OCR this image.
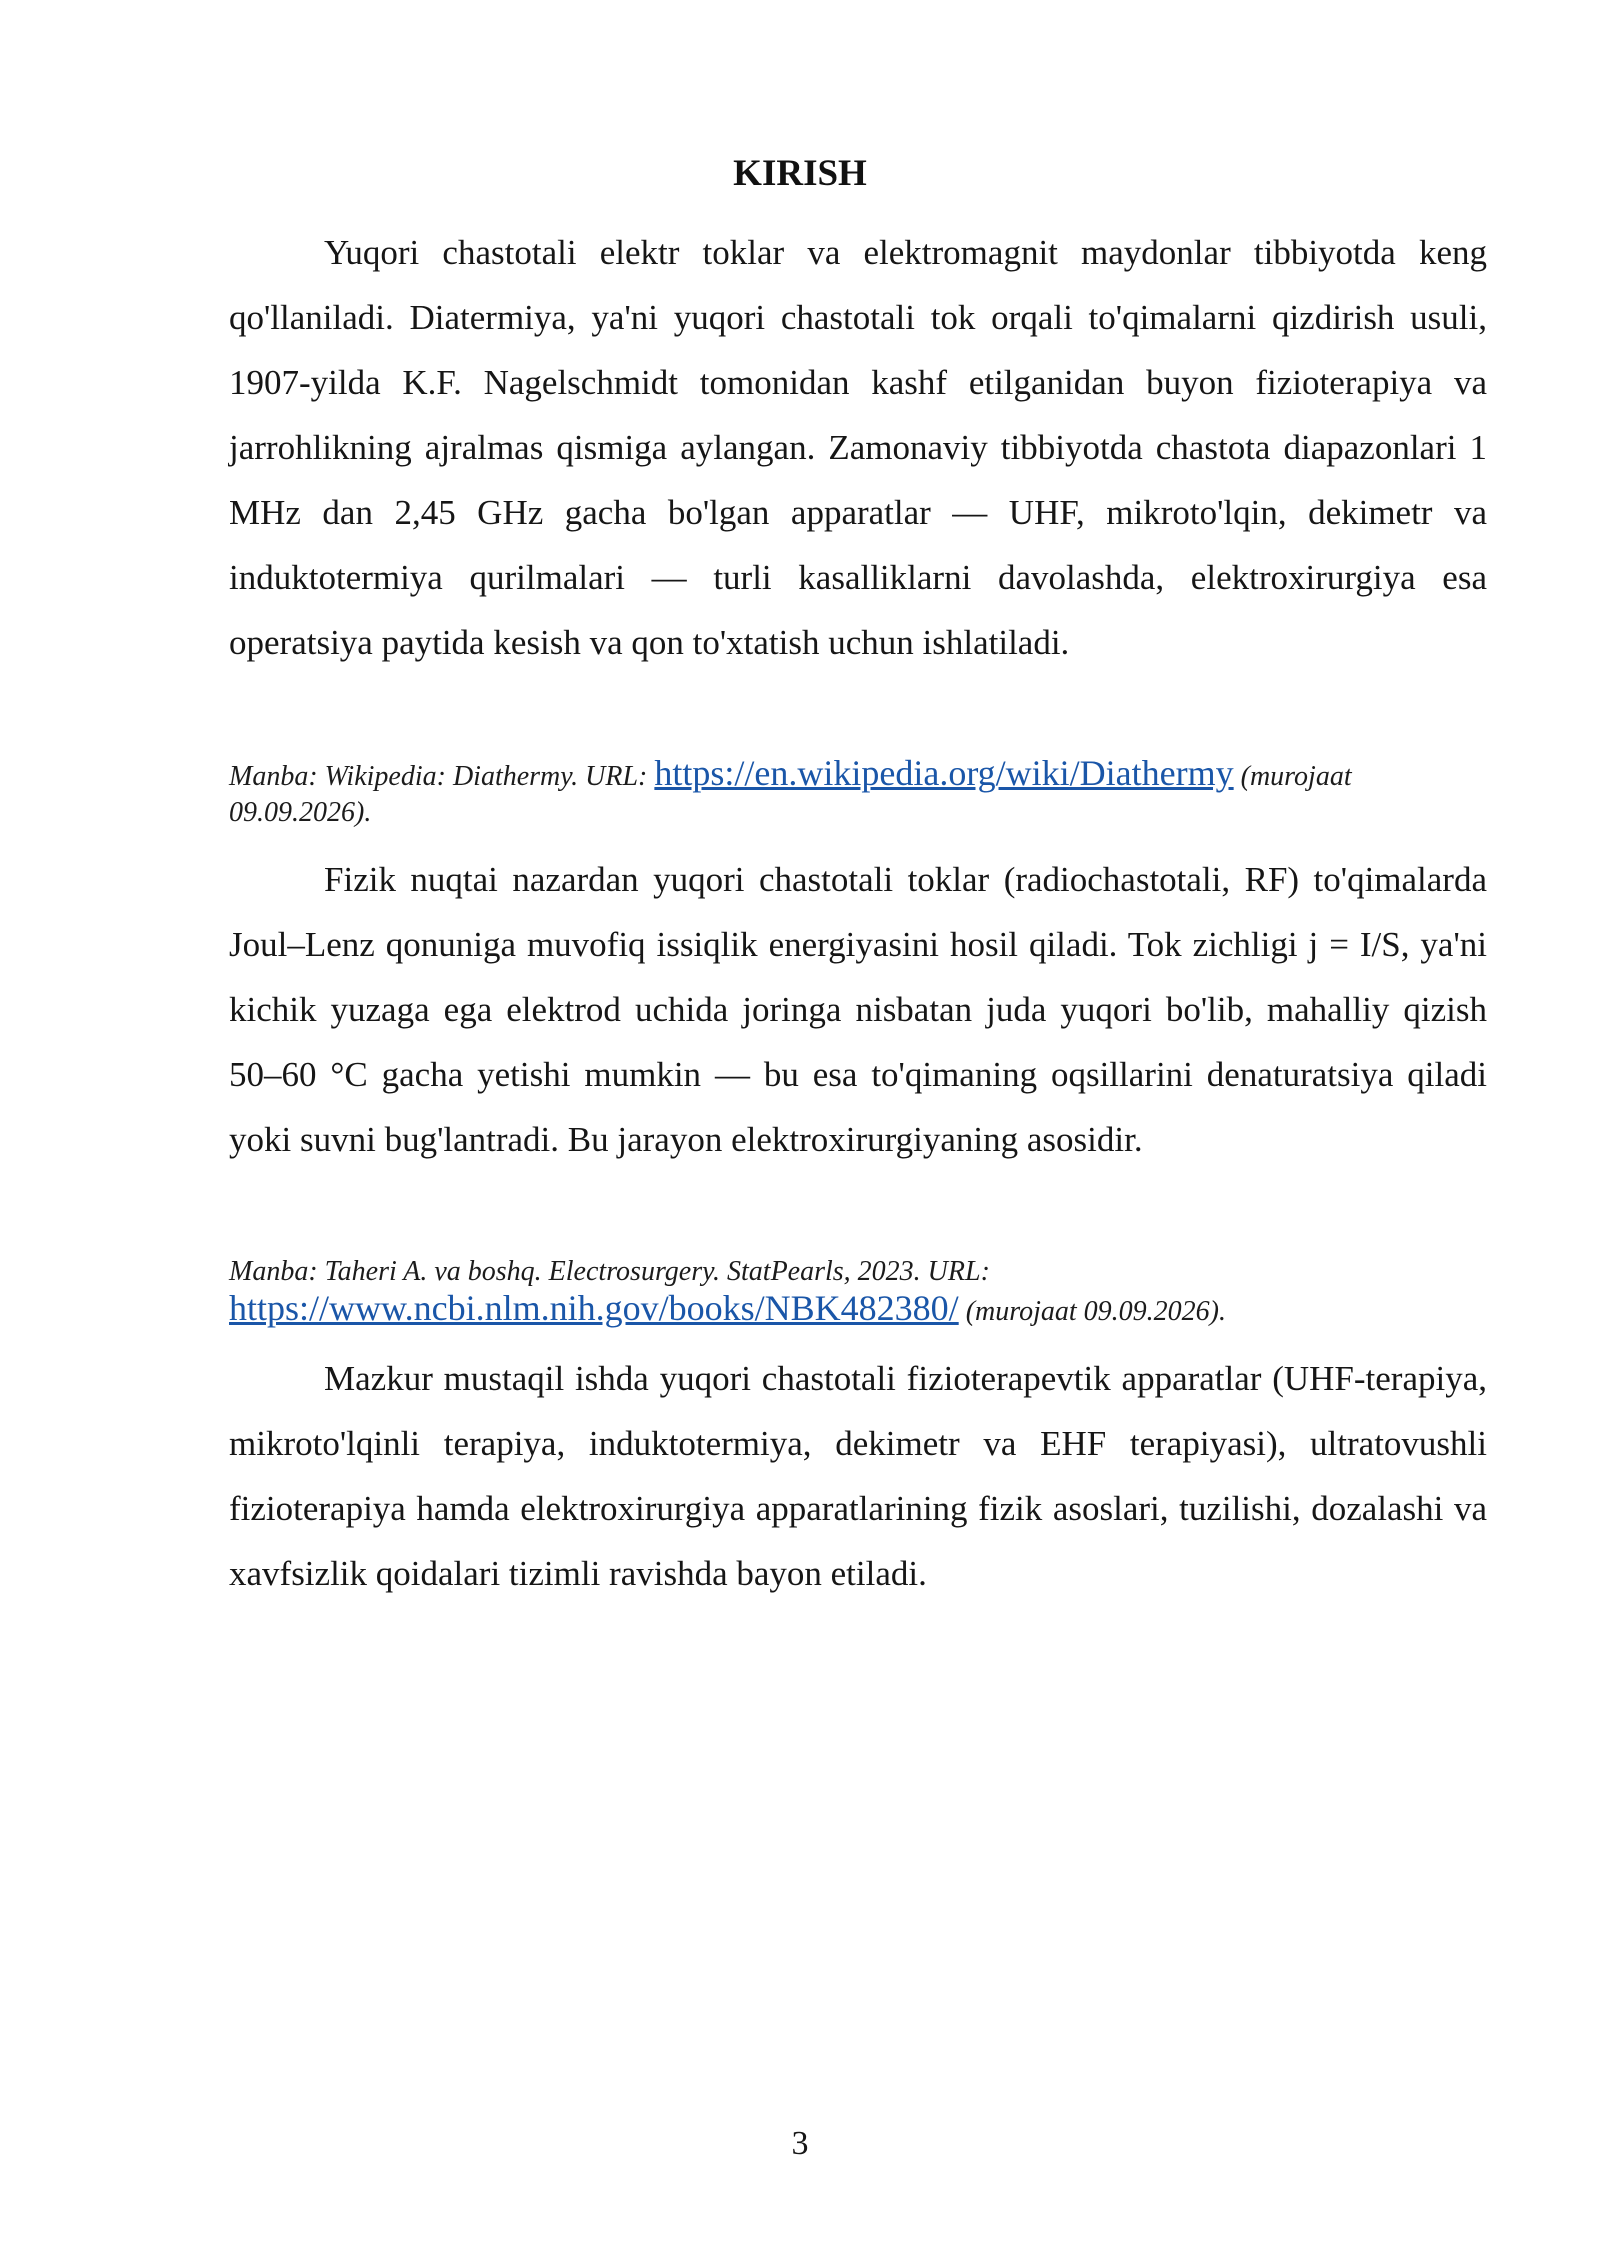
KIRISH

Yuqori chastotali elektr toklar va elektromagnit maydonlar tibbiyotda keng qo'llaniladi. Diatermiya, ya'ni yuqori chastotali tok orqali to'qimalarni qizdirish usuli, 1907-yilda K.F. Nagelschmidt tomonidan kashf etilganidan buyon fizioterapiya va jarrohlikning ajralmas qismiga aylangan. Zamonaviy tibbiyotda chastota diapazonlari 1 MHz dan 2,45 GHz gacha bo'lgan apparatlar — UHF, mikroto'lqin, dekimetr va induktotermiya qurilmalari — turli kasalliklarni davolashda, elektroxirurgiya esa operatsiya paytida kesish va qon to'xtatish uchun ishlatiladi.

Manba: Wikipedia: Diathermy. URL: https://en.wikipedia.org/wiki/Diathermy (murojaat 09.09.2026).

Fizik nuqtai nazardan yuqori chastotali toklar (radiochastotali, RF) to'qimalarda Joul–Lenz qonuniga muvofiq issiqlik energiyasini hosil qiladi. Tok zichligi j = I/S, ya'ni kichik yuzaga ega elektrod uchida joringa nisbatan juda yuqori bo'lib, mahalliy qizish 50–60 °C gacha yetishi mumkin — bu esa to'qimaning oqsillarini denaturatsiya qiladi yoki suvni bug'lantradi. Bu jarayon elektroxirurgiyaning asosidir.

Manba: Taheri A. va boshq. Electrosurgery. StatPearls, 2023. URL: https://www.ncbi.nlm.nih.gov/books/NBK482380/ (murojaat 09.09.2026).

Mazkur mustaqil ishda yuqori chastotali fizioterapevtik apparatlar (UHF-terapiya, mikroto'lqinli terapiya, induktotermiya, dekimetr va EHF terapiyasi), ultratovushli fizioterapiya hamda elektroxirurgiya apparatlarining fizik asoslari, tuzilishi, dozalashi va xavfsizlik qoidalari tizimli ravishda bayon etiladi.

3
